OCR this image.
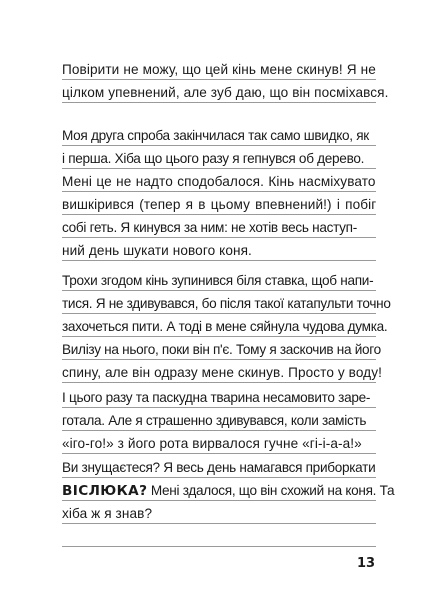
Повірити не можу, що цей кінь мене скинув! Я не
цілком упевнений, але зуб даю, що він посміхався.
Моя друга спроба закінчилася так само швидко, як
і перша. Хіба що цього разу я гепнувся об дерево.
Мені це не надто сподобалося. Кінь насміхувато
вишкірився (тепер я в цьому впевнений!) і побіг
собі геть. Я кинувся за ним: не хотів весь наступ-
ний день шукати нового коня.
Трохи згодом кінь зупинився біля ставка, щоб напи-
тися. Я не здивувався, бо після такої катапульти точно
захочеться пити. А тоді в мене сяйнула чудова думка.
Вилізу на нього, поки він п'є. Тому я заскочив на його
спину, але він одразу мене скинув. Просто у воду!
І цього разу та паскудна тварина несамовито заре-
готала. Але я страшенно здивувався, коли замість
«іго-го!» з його рота вирвалося гучне «гі-і-а-а!»
Ви знущаєтеся? Я весь день намагався приборкати
ВІСЛЮКА? Мені здалося, що він схожий на коня. Та
хіба ж я знав?
13
